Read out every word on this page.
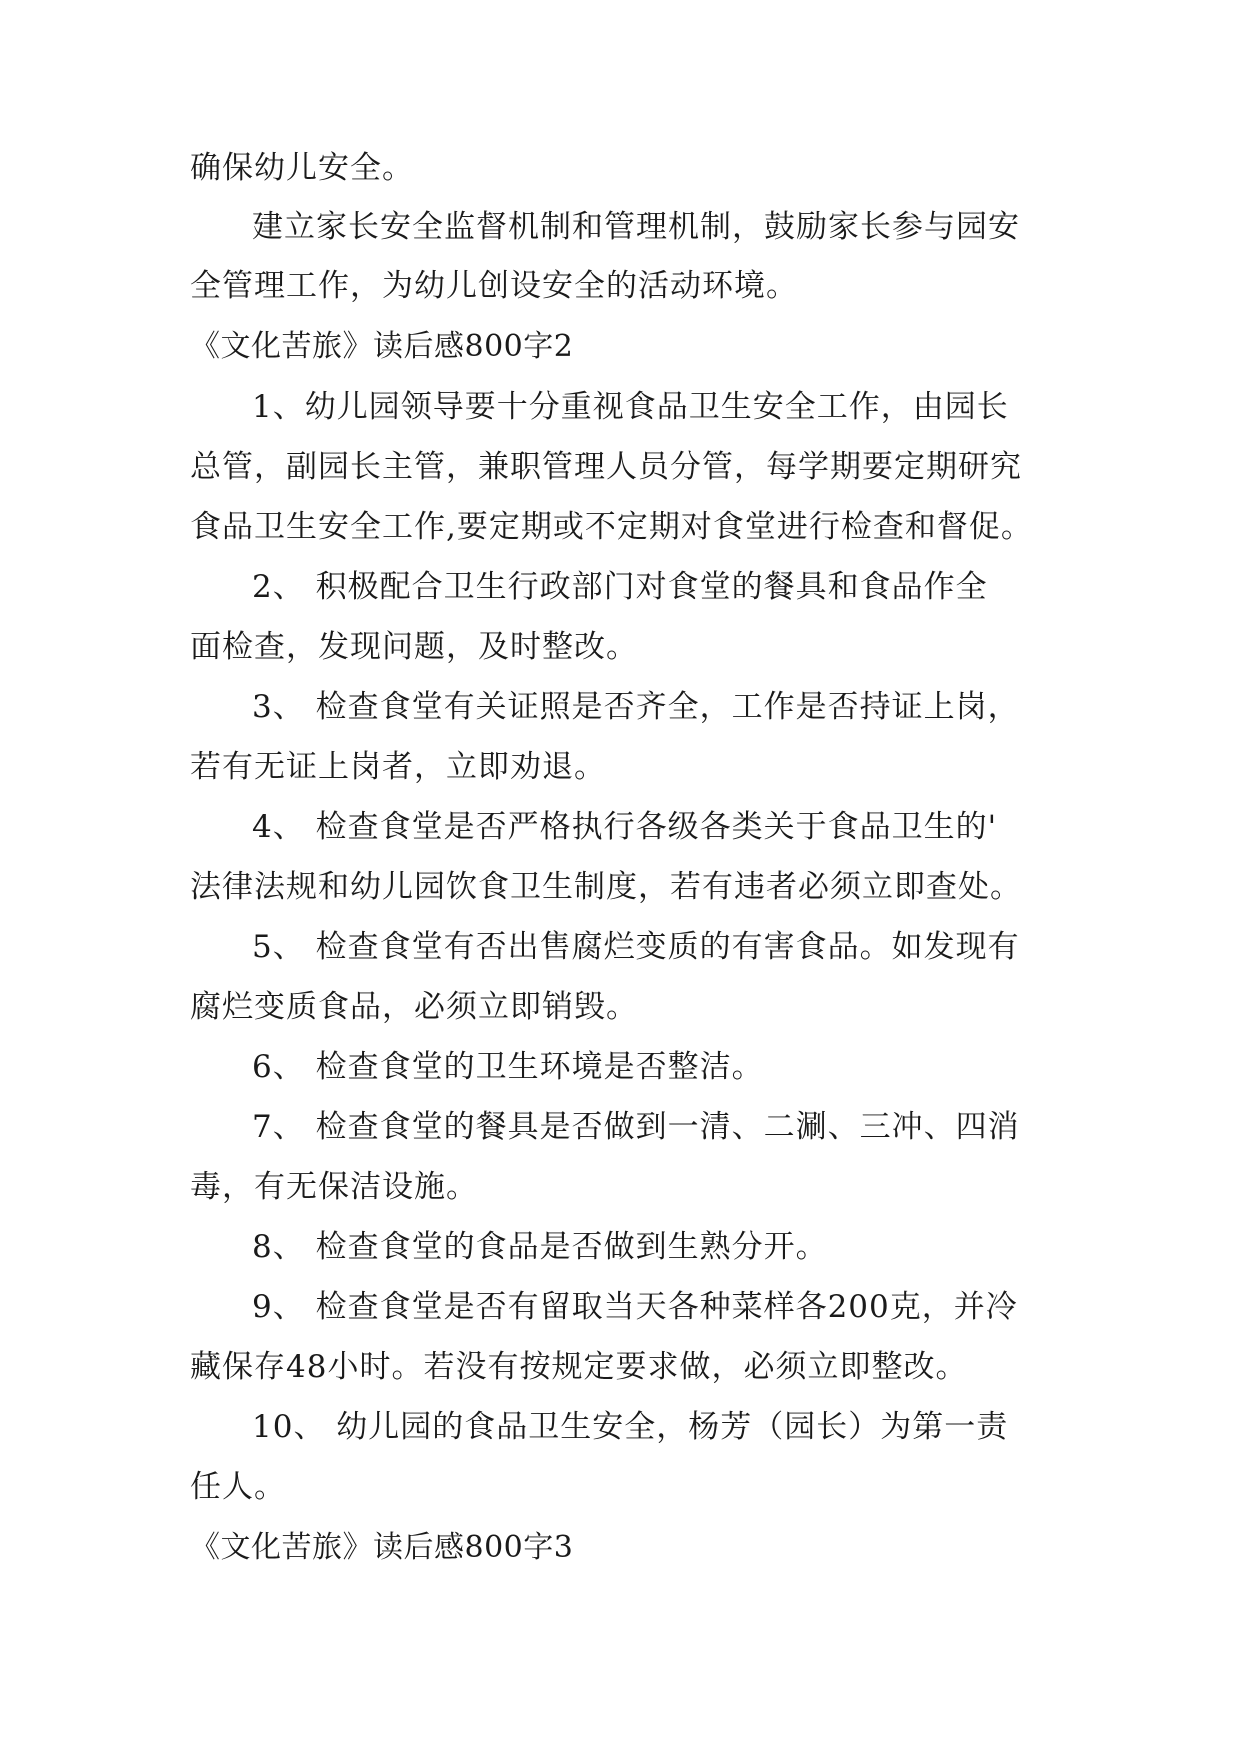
确保幼儿安全。
建立家长安全监督机制和管理机制，鼓励家长参与园安
全管理工作，为幼儿创设安全的活动环境。
《文化苦旅》读后感800字2
1、幼儿园领导要十分重视食品卫生安全工作，由园长
总管，副园长主管，兼职管理人员分管，每学期要定期研究
食品卫生安全工作,要定期或不定期对食堂进行检查和督促。
2、 积极配合卫生行政部门对食堂的餐具和食品作全
面检查，发现问题，及时整改。
3、 检查食堂有关证照是否齐全，工作是否持证上岗，
若有无证上岗者，立即劝退。
4、 检查食堂是否严格执行各级各类关于食品卫生的'
法律法规和幼儿园饮食卫生制度，若有违者必须立即查处。
5、 检查食堂有否出售腐烂变质的有害食品。如发现有
腐烂变质食品，必须立即销毁。
6、 检查食堂的卫生环境是否整洁。
7、 检查食堂的餐具是否做到一清、二涮、三冲、四消
毒，有无保洁设施。
8、 检查食堂的食品是否做到生熟分开。
9、 检查食堂是否有留取当天各种菜样各200克，并冷
藏保存48小时。若没有按规定要求做，必须立即整改。
10、 幼儿园的食品卫生安全，杨芳（园长）为第一责
任人。
《文化苦旅》读后感800字3
